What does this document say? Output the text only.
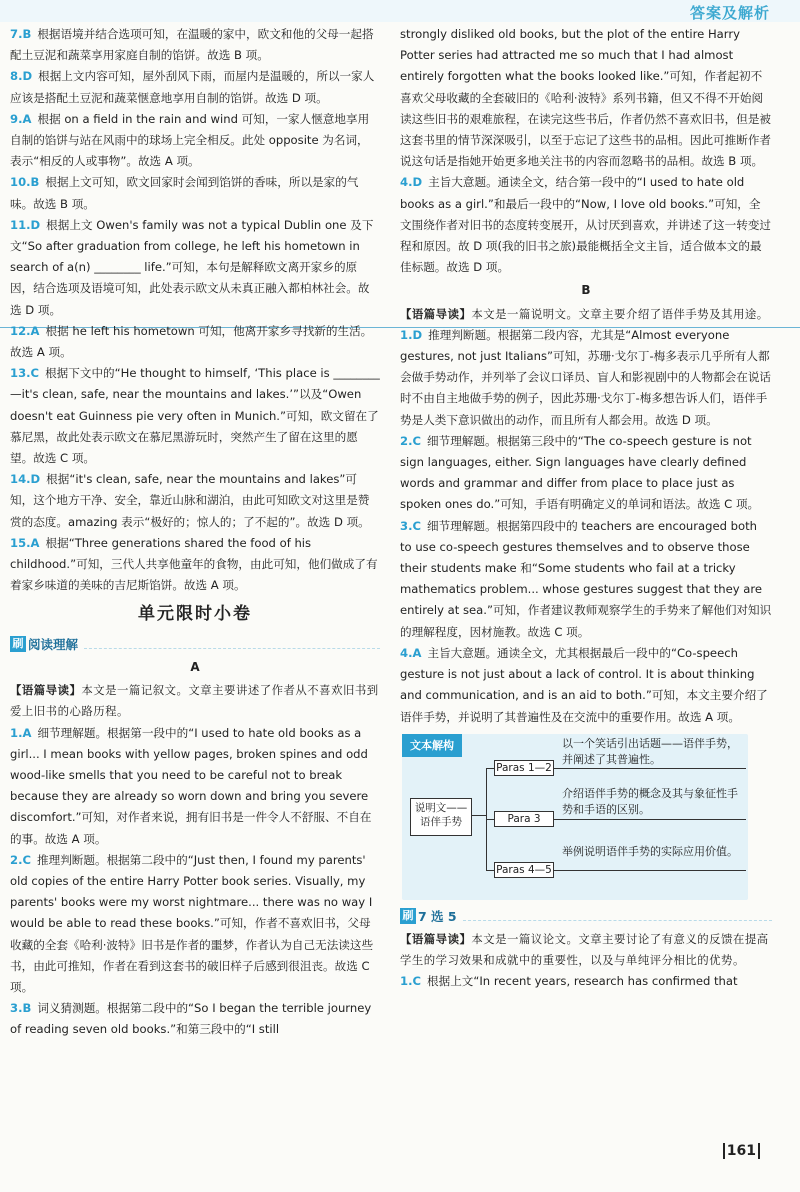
答案及解析

7.B 根据语境并结合选项可知，在温暖的家中，欧文和他的父母一起搭配土豆泥和蔬菜享用家庭自制的馅饼。故选 B 项。

8.D 根据上文内容可知，屋外刮风下雨，而屋内是温暖的，所以一家人应该是搭配土豆泥和蔬菜惬意地享用自制的馅饼。故选 D 项。

9.A 根据 on a field in the rain and wind 可知，一家人惬意地享用自制的馅饼与站在风雨中的球场上完全相反。此处 opposite 为名词，表示“相反的人或事物”。故选 A 项。

10.B 根据上文可知，欧文回家时会闻到馅饼的香味，所以是家的气味。故选 B 项。

11.D 根据上文 Owen's family was not a typical Dublin one 及下文“So after graduation from college, he left his hometown in search of a(n) ________ life.”可知，本句是解释欧文离开家乡的原因，结合选项及语境可知，此处表示欧文从未真正融入都柏林社会。故选 D 项。

12.A 根据 he left his hometown 可知，他离开家乡寻找新的生活。故选 A 项。

13.C 根据下文中的“He thought to himself, ‘This place is ________—it's clean, safe, near the mountains and lakes.’”以及“Owen doesn't eat Guinness pie very often in Munich.”可知，欧文留在了慕尼黑，故此处表示欧文在慕尼黑游玩时，突然产生了留在这里的愿望。故选 C 项。

14.D 根据“it's clean, safe, near the mountains and lakes”可知，这个地方干净、安全，靠近山脉和湖泊，由此可知欧文对这里是赞赏的态度。amazing 表示“极好的；惊人的；了不起的”。故选 D 项。

15.A 根据“Three generations shared the food of his childhood.”可知，三代人共享他童年的食物，由此可知，他们做成了有着家乡味道的美味的吉尼斯馅饼。故选 A 项。

单元限时小卷
刷 阅读理解
A

【语篇导读】本文是一篇记叙文。文章主要讲述了作者从不喜欢旧书到爱上旧书的心路历程。

1.A 细节理解题。根据第一段中的“I used to hate old books as a girl... I mean books with yellow pages, broken spines and odd wood-like smells that you need to be careful not to break because they are already so worn down and bring you severe discomfort.”可知，对作者来说，拥有旧书是一件令人不舒服、不自在的事。故选 A 项。

2.C 推理判断题。根据第二段中的“Just then, I found my parents' old copies of the entire Harry Potter book series. Visually, my parents' books were my worst nightmare... there was no way I would be able to read these books.”可知，作者不喜欢旧书，父母收藏的全套《哈利·波特》旧书是作者的噩梦，作者认为自己无法读这些书，由此可推知，作者在看到这套书的破旧样子后感到很沮丧。故选 C 项。

3.B 词义猜测题。根据第二段中的“So I began the terrible journey of reading seven old books.”和第三段中的“I still

strongly disliked old books, but the plot of the entire Harry Potter series had attracted me so much that I had almost entirely forgotten what the books looked like.”可知，作者起初不喜欢父母收藏的全套破旧的《哈利·波特》系列书籍，但又不得不开始阅读这些旧书的艰难旅程，在读完这些书后，作者仍然不喜欢旧书，但是被这套书里的情节深深吸引，以至于忘记了这些书的品相。因此可推断作者说这句话是指她开始更多地关注书的内容而忽略书的品相。故选 B 项。

4.D 主旨大意题。通读全文，结合第一段中的“I used to hate old books as a girl.”和最后一段中的“Now, I love old books.”可知，全文围绕作者对旧书的态度转变展开，从讨厌到喜欢，并讲述了这一转变过程和原因。故 D 项(我的旧书之旅)最能概括全文主旨，适合做本文的最佳标题。故选 D 项。

B

【语篇导读】本文是一篇说明文。文章主要介绍了语伴手势及其用途。

1.D 推理判断题。根据第二段内容，尤其是“Almost everyone gestures, not just Italians”可知，苏珊·戈尔丁-梅多表示几乎所有人都会做手势动作，并列举了会议口译员、盲人和影视剧中的人物都会在说话时不由自主地做手势的例子，因此苏珊·戈尔丁-梅多想告诉人们，语伴手势是人类下意识做出的动作，而且所有人都会用。故选 D 项。

2.C 细节理解题。根据第三段中的“The co-speech gesture is not sign languages, either. Sign languages have clearly defined words and grammar and differ from place to place just as spoken ones do.”可知，手语有明确定义的单词和语法。故选 C 项。

3.C 细节理解题。根据第四段中的 teachers are encouraged both to use co-speech gestures themselves and to observe those their students make 和“Some students who fail at a tricky mathematics problem... whose gestures suggest that they are entirely at sea.”可知，作者建议教师观察学生的手势来了解他们对知识的理解程度，因材施教。故选 C 项。

4.A 主旨大意题。通读全文，尤其根据最后一段中的“Co-speech gesture is not just about a lack of control. It is about thinking and communication, and is an aid to both.”可知，本文主要介绍了语伴手势，并说明了其普遍性及在交流中的重要作用。故选 A 项。

文本解构
说明文——语伴手势
Paras 1—2
Para 3
Paras 4—5
以一个笑话引出话题——语伴手势，并阐述了其普遍性。
介绍语伴手势的概念及其与象征性手势和手语的区别。
举例说明语伴手势的实际应用价值。
刷 7 选 5

【语篇导读】本文是一篇议论文。文章主要讨论了有意义的反馈在提高学生的学习效果和成就中的重要性，以及与单纯评分相比的优势。

1.C 根据上文“In recent years, research has confirmed that

161
